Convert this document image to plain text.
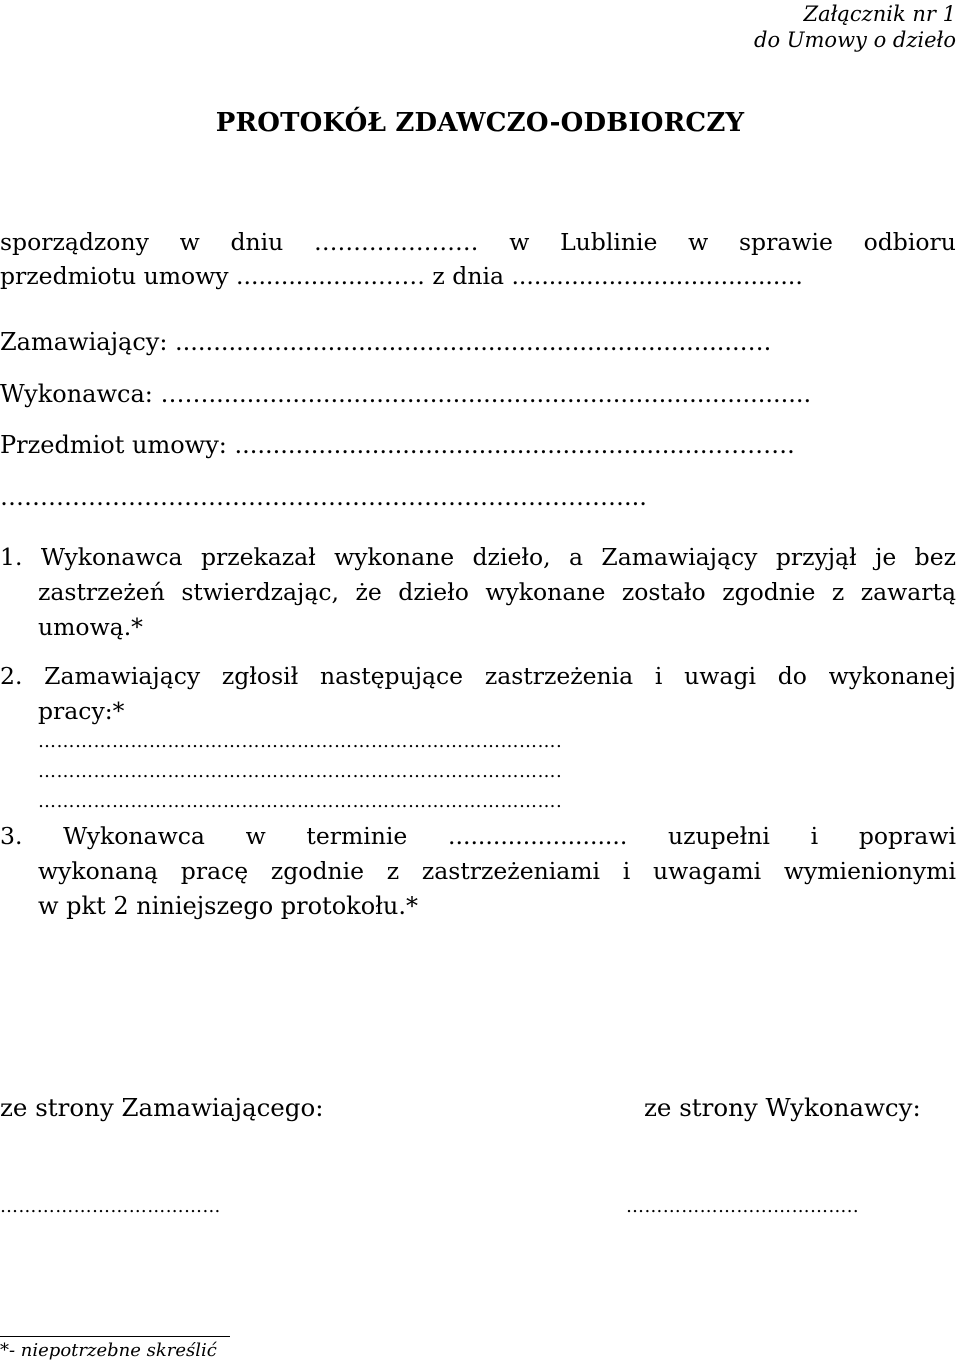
Załącznik nr 1
do Umowy o dzieło
PROTOKÓŁ ZDAWCZO-ODBIORCZY
sporządzony w dniu ………………… w Lublinie w sprawie odbioru
przedmiotu umowy ...................…… z dnia .......................................
Zamawiający: ..........................................................................….
Wykonawca: ……...............................................................................
Przedmiot umowy: ...............................................................……….
……………………………………………………………………...
1. Wykonawca przekazał wykonane dzieło, a Zamawiający przyjął je bez
zastrzeżeń stwierdzając, że dzieło wykonane zostało zgodnie z zawartą
umową.*
2. Zamawiający zgłosił następujące zastrzeżenia i uwagi do wykonanej
pracy:*
………………………………………………………………………….
………………………………………………………………………….
………………………………………………………………………….
3. Wykonawca w terminie ........................ uzupełni i poprawi
wykonaną pracę zgodnie z zastrzeżeniami i uwagami wymienionymi
w pkt 2 niniejszego protokołu.*
ze strony Zamawiającego:	ze strony Wykonawcy:
………………………………	…………………...…………..
*- niepotrzebne skreślić
